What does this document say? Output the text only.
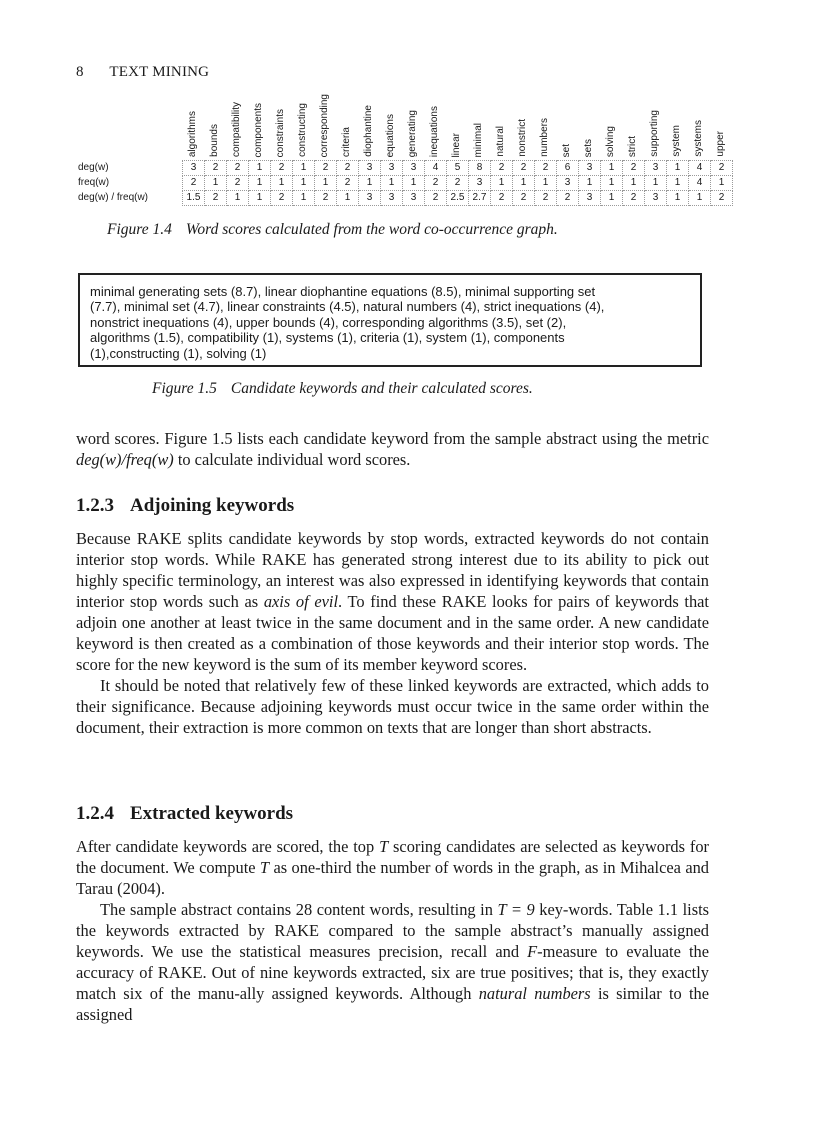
8 TEXT MINING

	algorithms	bounds	compatibility	components	constraints	constructing	corresponding	criteria	diophantine	equations	generating	inequations	linear	minimal	natural	nonstrict	numbers	set	sets	solving	strict	supporting	system	systems	upper

deg(w)	3	2	2	1	2	1	2	2	3	3	3	4	5	8	2	2	2	6	3	1	2	3	1	4	2
freq(w)	2	1	2	1	1	1	1	2	1	1	1	2	2	3	1	1	1	3	1	1	1	1	1	4	1
deg(w) / freq(w)	1.5	2	1	1	2	1	2	1	3	3	3	2	2.5	2.7	2	2	2	2	3	1	2	3	1	1	2
Figure 1.4 Word scores calculated from the word co-occurrence graph.
minimal generating sets (8.7), linear diophantine equations (8.5), minimal supporting set
(7.7), minimal set (4.7), linear constraints (4.5), natural numbers (4), strict inequations (4),
nonstrict inequations (4), upper bounds (4), corresponding algorithms (3.5), set (2),
algorithms (1.5), compatibility (1), systems (1), criteria (1), system (1), components
(1),constructing (1), solving (1)
Figure 1.5 Candidate keywords and their calculated scores.

word scores. Figure 1.5 lists each candidate keyword from the sample abstract using the metric deg(w)/freq(w) to calculate individual word scores.

1.2.3 Adjoining keywords

Because RAKE splits candidate keywords by stop words, extracted keywords do not contain interior stop words. While RAKE has generated strong interest due to its ability to pick out highly specific terminology, an interest was also expressed in identifying keywords that contain interior stop words such as axis of evil. To find these RAKE looks for pairs of keywords that adjoin one another at least twice in the same document and in the same order. A new candidate keyword is then created as a combination of those keywords and their interior stop words. The score for the new keyword is the sum of its member keyword scores.

It should be noted that relatively few of these linked keywords are extracted, which adds to their significance. Because adjoining keywords must occur twice in the same order within the document, their extraction is more common on texts that are longer than short abstracts.

1.2.4 Extracted keywords

After candidate keywords are scored, the top T scoring candidates are selected as keywords for the document. We compute T as one-third the number of words in the graph, as in Mihalcea and Tarau (2004).

The sample abstract contains 28 content words, resulting in T = 9 key-words. Table 1.1 lists the keywords extracted by RAKE compared to the sample abstract’s manually assigned keywords. We use the statistical measures precision, recall and F-measure to evaluate the accuracy of RAKE. Out of nine keywords extracted, six are true positives; that is, they exactly match six of the manu-ally assigned keywords. Although natural numbers is similar to the assigned
